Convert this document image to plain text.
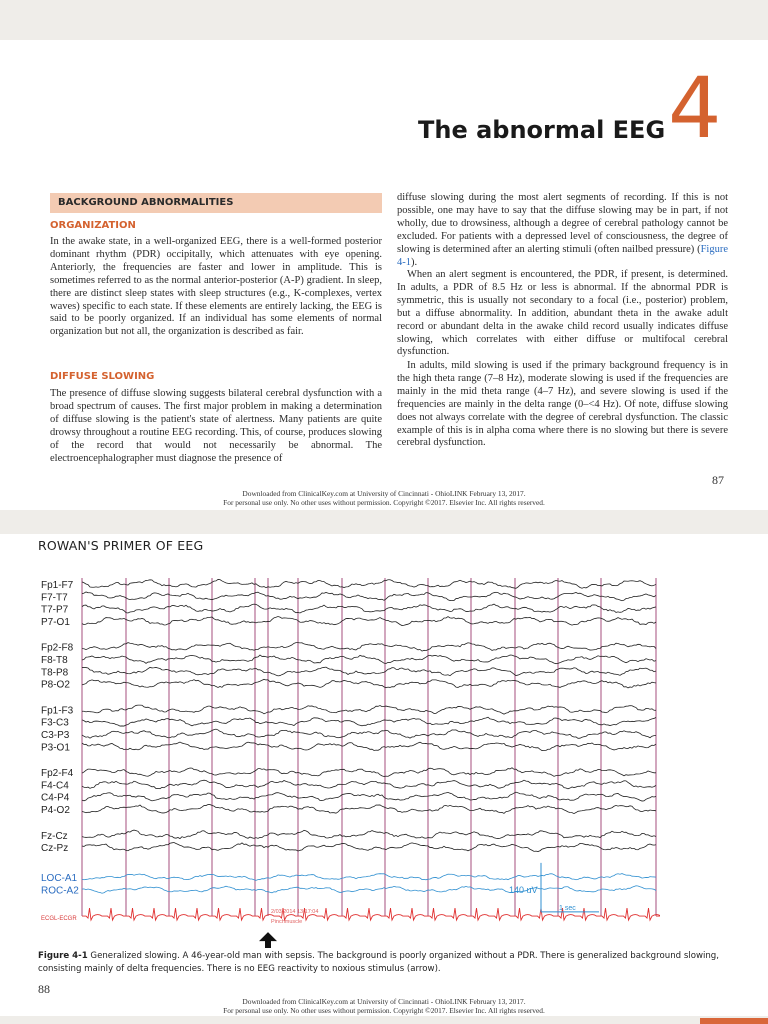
The abnormal EEG 4
BACKGROUND ABNORMALITIES
ORGANIZATION

In the awake state, in a well-organized EEG, there is a well-formed posterior dominant rhythm (PDR) occipitally, which attenuates with eye opening. Anteriorly, the frequencies are faster and lower in amplitude. This is sometimes referred to as the normal anterior-posterior (A-P) gradient. In sleep, there are distinct sleep states with sleep structures (e.g., K-complexes, vertex waves) specific to each state. If these elements are entirely lacking, the EEG is said to be poorly organized. If an individual has some elements of normal organization but not all, the organization is described as fair.

DIFFUSE SLOWING

The presence of diffuse slowing suggests bilateral cerebral dysfunction with a broad spectrum of causes. The first major problem in making a determination of diffuse slowing is the patient's state of alertness. Many patients are quite drowsy throughout a routine EEG recording. This, of course, produces slowing of the record that would not necessarily be abnormal. The electroencephalographer must diagnose the presence of

diffuse slowing during the most alert segments of recording. If this is not possible, one may have to say that the diffuse slowing may be in part, if not wholly, due to drowsiness, although a degree of cerebral pathology cannot be excluded. For patients with a depressed level of consciousness, the degree of slowing is determined after an alerting stimuli (often nailbed pressure) (Figure 4-1).

When an alert segment is encountered, the PDR, if present, is determined. In adults, a PDR of 8.5 Hz or less is abnormal. If the abnormal PDR is symmetric, this is usually not secondary to a focal (i.e., posterior) problem, but a diffuse abnormality. In addition, abundant theta in the awake adult record or abundant delta in the awake child record usually indicates diffuse slowing, which correlates with either diffuse or multifocal cerebral dysfunction.

In adults, mild slowing is used if the primary background frequency is in the high theta range (7–8 Hz), moderate slowing is used if the frequencies are mainly in the mid theta range (4–7 Hz), and severe slowing is used if the frequencies are mainly in the delta range (0–<4 Hz). Of note, diffuse slowing does not always correlate with the degree of cerebral dysfunction. The classic example of this is in alpha coma where there is no slowing but there is severe cerebral dysfunction.

87
Downloaded from ClinicalKey.com at University of Cincinnati - OhioLINK February 13, 2017.
For personal use only. No other uses without permission. Copyright ©2017. Elsevier Inc. All rights reserved.
ROWAN'S PRIMER OF EEG
Fp1-F7
F7-T7
T7-P7
P7-O1
Fp2-F8
F8-T8
T8-P8
P8-O2
Fp1-F3
F3-C3
C3-P3
P3-O1
Fp2-F4
F4-C4
C4-P4
P4-O2
Fz-Cz
Cz-Pz
LOC-A1
ROC-A2
ECGL-ECGR
140 uV
1 sec
2/03/2014 13:17:04
Pinchmuscle

Figure 4-1 Generalized slowing. A 46-year-old man with sepsis. The background is poorly organized without a PDR. There is generalized background slowing, consisting mainly of delta frequencies. There is no EEG reactivity to noxious stimulus (arrow).

88
Downloaded from ClinicalKey.com at University of Cincinnati - OhioLINK February 13, 2017.
For personal use only. No other uses without permission. Copyright ©2017. Elsevier Inc. All rights reserved.
